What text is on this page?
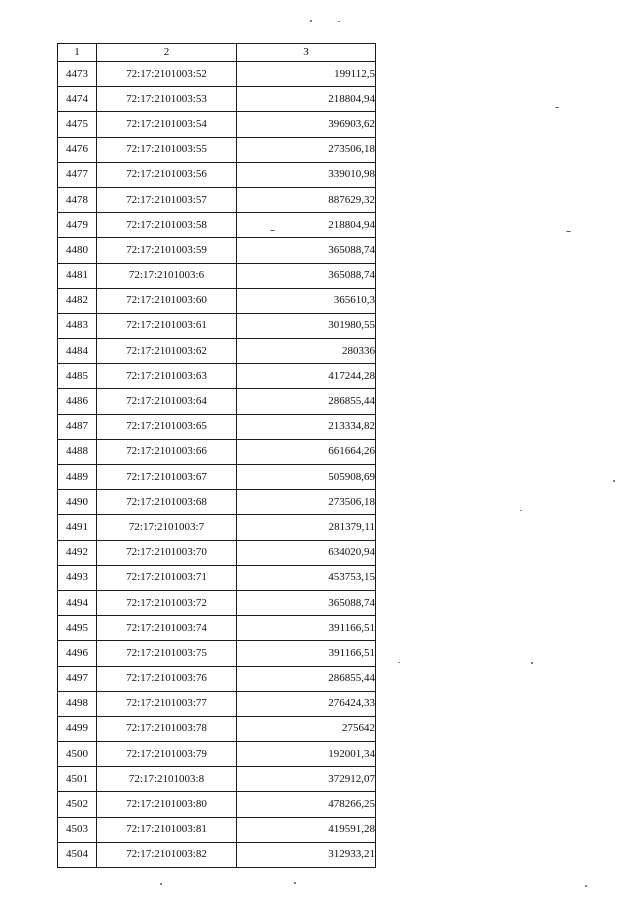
1	2	3
4473	72:17:2101003:52	199112,5
4474	72:17:2101003:53	218804,94
4475	72:17:2101003:54	396903,62
4476	72:17:2101003:55	273506,18
4477	72:17:2101003:56	339010,98
4478	72:17:2101003:57	887629,32
4479	72:17:2101003:58	218804,94
4480	72:17:2101003:59	365088,74
4481	72:17:2101003:6	365088,74
4482	72:17:2101003:60	365610,3
4483	72:17:2101003:61	301980,55
4484	72:17:2101003:62	280336
4485	72:17:2101003:63	417244,28
4486	72:17:2101003:64	286855,44
4487	72:17:2101003:65	213334,82
4488	72:17:2101003:66	661664,26
4489	72:17:2101003:67	505908,69
4490	72:17:2101003:68	273506,18
4491	72:17:2101003:7	281379,11
4492	72:17:2101003:70	634020,94
4493	72:17:2101003:71	453753,15
4494	72:17:2101003:72	365088,74
4495	72:17:2101003:74	391166,51
4496	72:17:2101003:75	391166,51
4497	72:17:2101003:76	286855,44
4498	72:17:2101003:77	276424,33
4499	72:17:2101003:78	275642
4500	72:17:2101003:79	192001,34
4501	72:17:2101003:8	372912,07
4502	72:17:2101003:80	478266,25
4503	72:17:2101003:81	419591,28
4504	72:17:2101003:82	312933,21
